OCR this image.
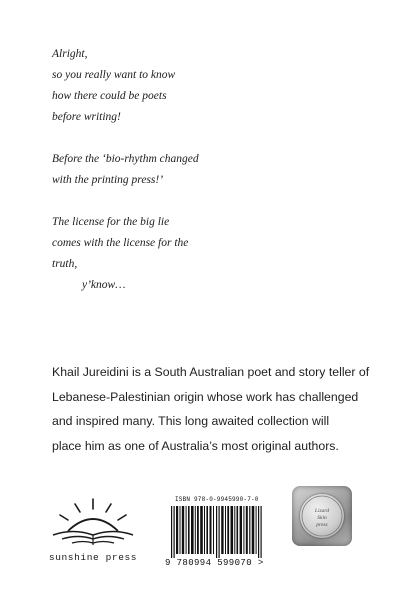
Alright,
so you really want to know
how there could be poets
before writing!
Before the ‘bio-rhythm changed
with the printing press!’
The license for the big lie
comes with the license for the
truth,
y’know…
Khail Jureidini is a South Australian poet and story teller of
Lebanese-Palestinian origin whose work has challenged
and inspired many. This long awaited collection will
place him as one of Australia’s most original authors.
sunshine press
ISBN 978-0-9945990-7-0
9 780994 599070 >
Lizard
Skin
press
